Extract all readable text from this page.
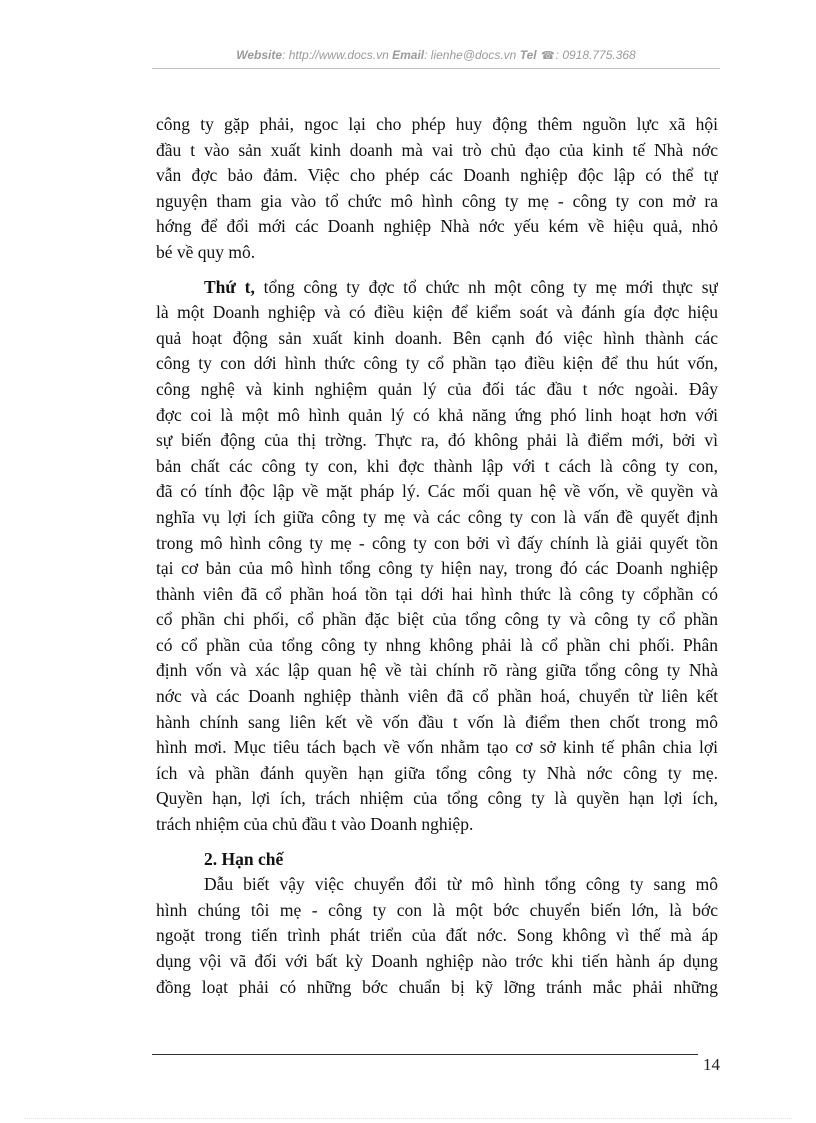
Website: http://www.docs.vn Email: lienhe@docs.vn Tel ☎: 0918.775.368
công ty gặp phải, ngoc lại cho phép huy động thêm nguồn lực xã hội
đầu t vào sản xuất kinh doanh mà vai trò chủ đạo của kinh tế Nhà nớc
vẫn đợc bảo đảm. Việc cho phép các Doanh nghiệp độc lập có thể tự
nguyện tham gia vào tổ chức mô hình công ty mẹ - công ty con mở ra
hớng để đổi mới các Doanh nghiệp Nhà nớc yếu kém về hiệu quả, nhỏ
bé về quy mô.
Thứ t, tổng công ty đợc tổ chức nh một công ty mẹ mới thực sự
là một Doanh nghiệp và có điều kiện để kiểm soát và đánh gía đợc hiệu
quả hoạt động sản xuất kinh doanh. Bên cạnh đó việc hình thành các
công ty con dới hình thức công ty cổ phần tạo điều kiện để thu hút vốn,
công nghệ và kinh nghiệm quản lý của đối tác đầu t nớc ngoài. Đây
đợc coi là một mô hình quản lý có khả năng ứng phó linh hoạt hơn với
sự biến động của thị trờng. Thực ra, đó không phải là điểm mới, bởi vì
bản chất các công ty con, khi đợc thành lập với t cách là công ty con,
đã có tính độc lập về mặt pháp lý. Các mối quan hệ về vốn, về quyền và
nghĩa vụ lợi ích giữa công ty mẹ và các công ty con là vấn đề quyết định
trong mô hình công ty mẹ - công ty con bởi vì đấy chính là giải quyết tồn
tại cơ bản của mô hình tổng công ty hiện nay, trong đó các Doanh nghiệp
thành viên đã cổ phần hoá tồn tại dới hai hình thức là công ty cổphần có
cổ phần chi phối, cổ phần đặc biệt của tổng công ty và công ty cổ phần
có cổ phần của tổng công ty nhng không phải là cổ phần chi phối. Phân
định vốn và xác lập quan hệ về tài chính rõ ràng giữa tổng công ty Nhà
nớc và các Doanh nghiệp thành viên đã cổ phần hoá, chuyển từ liên kết
hành chính sang liên kết về vốn đầu t vốn là điểm then chốt trong mô
hình mơi. Mục tiêu tách bạch về vốn nhằm tạo cơ sở kinh tế phân chia lợi
ích và phần đánh quyền hạn giữa tổng công ty Nhà nớc công ty mẹ.
Quyền hạn, lợi ích, trách nhiệm của tổng công ty là quyền hạn lợi ích,
trách nhiệm của chủ đầu t vào Doanh nghiệp.
2. Hạn chế
Dẫu biết vậy việc chuyển đổi từ mô hình tổng công ty sang mô
hình chúng tôi mẹ - công ty con là một bớc chuyển biến lớn, là bớc
ngoặt trong tiến trình phát triển của đất nớc. Song không vì thế mà áp
dụng vội vã đối với bất kỳ Doanh nghiệp nào trớc khi tiến hành áp dụng
đồng loạt phải có những bớc chuẩn bị kỹ lỡng tránh mắc phải những
14
